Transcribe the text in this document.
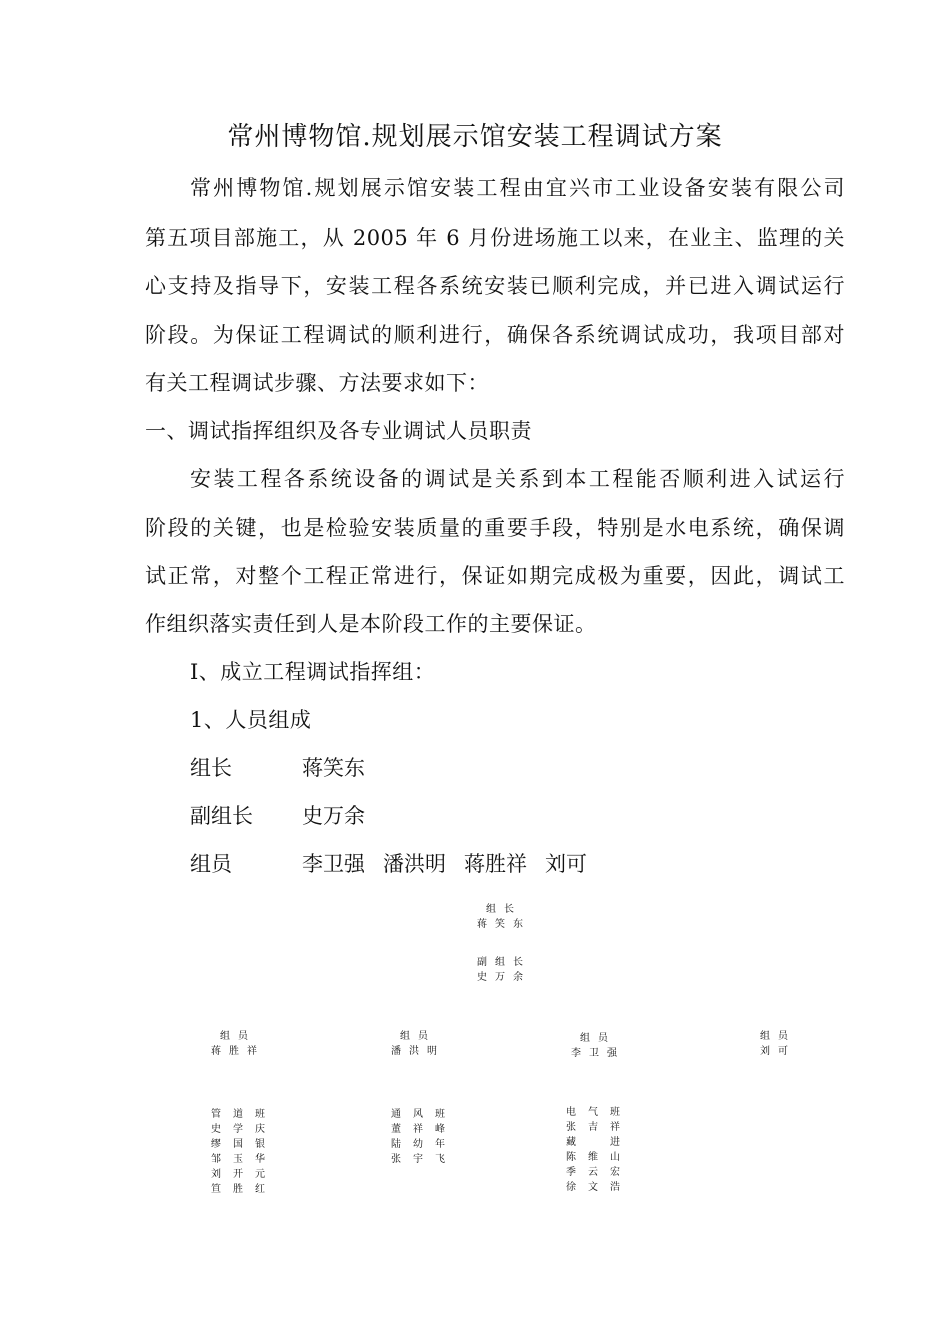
常州博物馆.规划展示馆安装工程调试方案
常州博物馆.规划展示馆安装工程由宜兴市工业设备安装有限公司
第五项目部施工，从 2005 年 6 月份进场施工以来，在业主、监理的关
心支持及指导下，安装工程各系统安装已顺利完成，并已进入调试运行
阶段。为保证工程调试的顺利进行，确保各系统调试成功，我项目部对
有关工程调试步骤、方法要求如下：
一、调试指挥组织及各专业调试人员职责
安装工程各系统设备的调试是关系到本工程能否顺利进入试运行
阶段的关键，也是检验安装质量的重要手段，特别是水电系统，确保调
试正常，对整个工程正常进行，保证如期完成极为重要，因此，调试工
作组织落实责任到人是本阶段工作的主要保证。
Ⅰ、成立工程调试指挥组：
1、人员组成
组长	蒋笑东
副组长 史万余
组员	李卫强 潘洪明 蒋胜祥 刘可
组长
蒋笑东
副组长
史万余
组员
蒋胜祥
组员
潘洪明
组员
李卫强
组员
刘可
管道班
史学庆
缪国银
邹玉华
刘开元
笪胜红
通风班
董祥峰
陆幼年
张宇飞
电气班
张吉祥
藏　进
陈维山
季云宏
徐文浩
